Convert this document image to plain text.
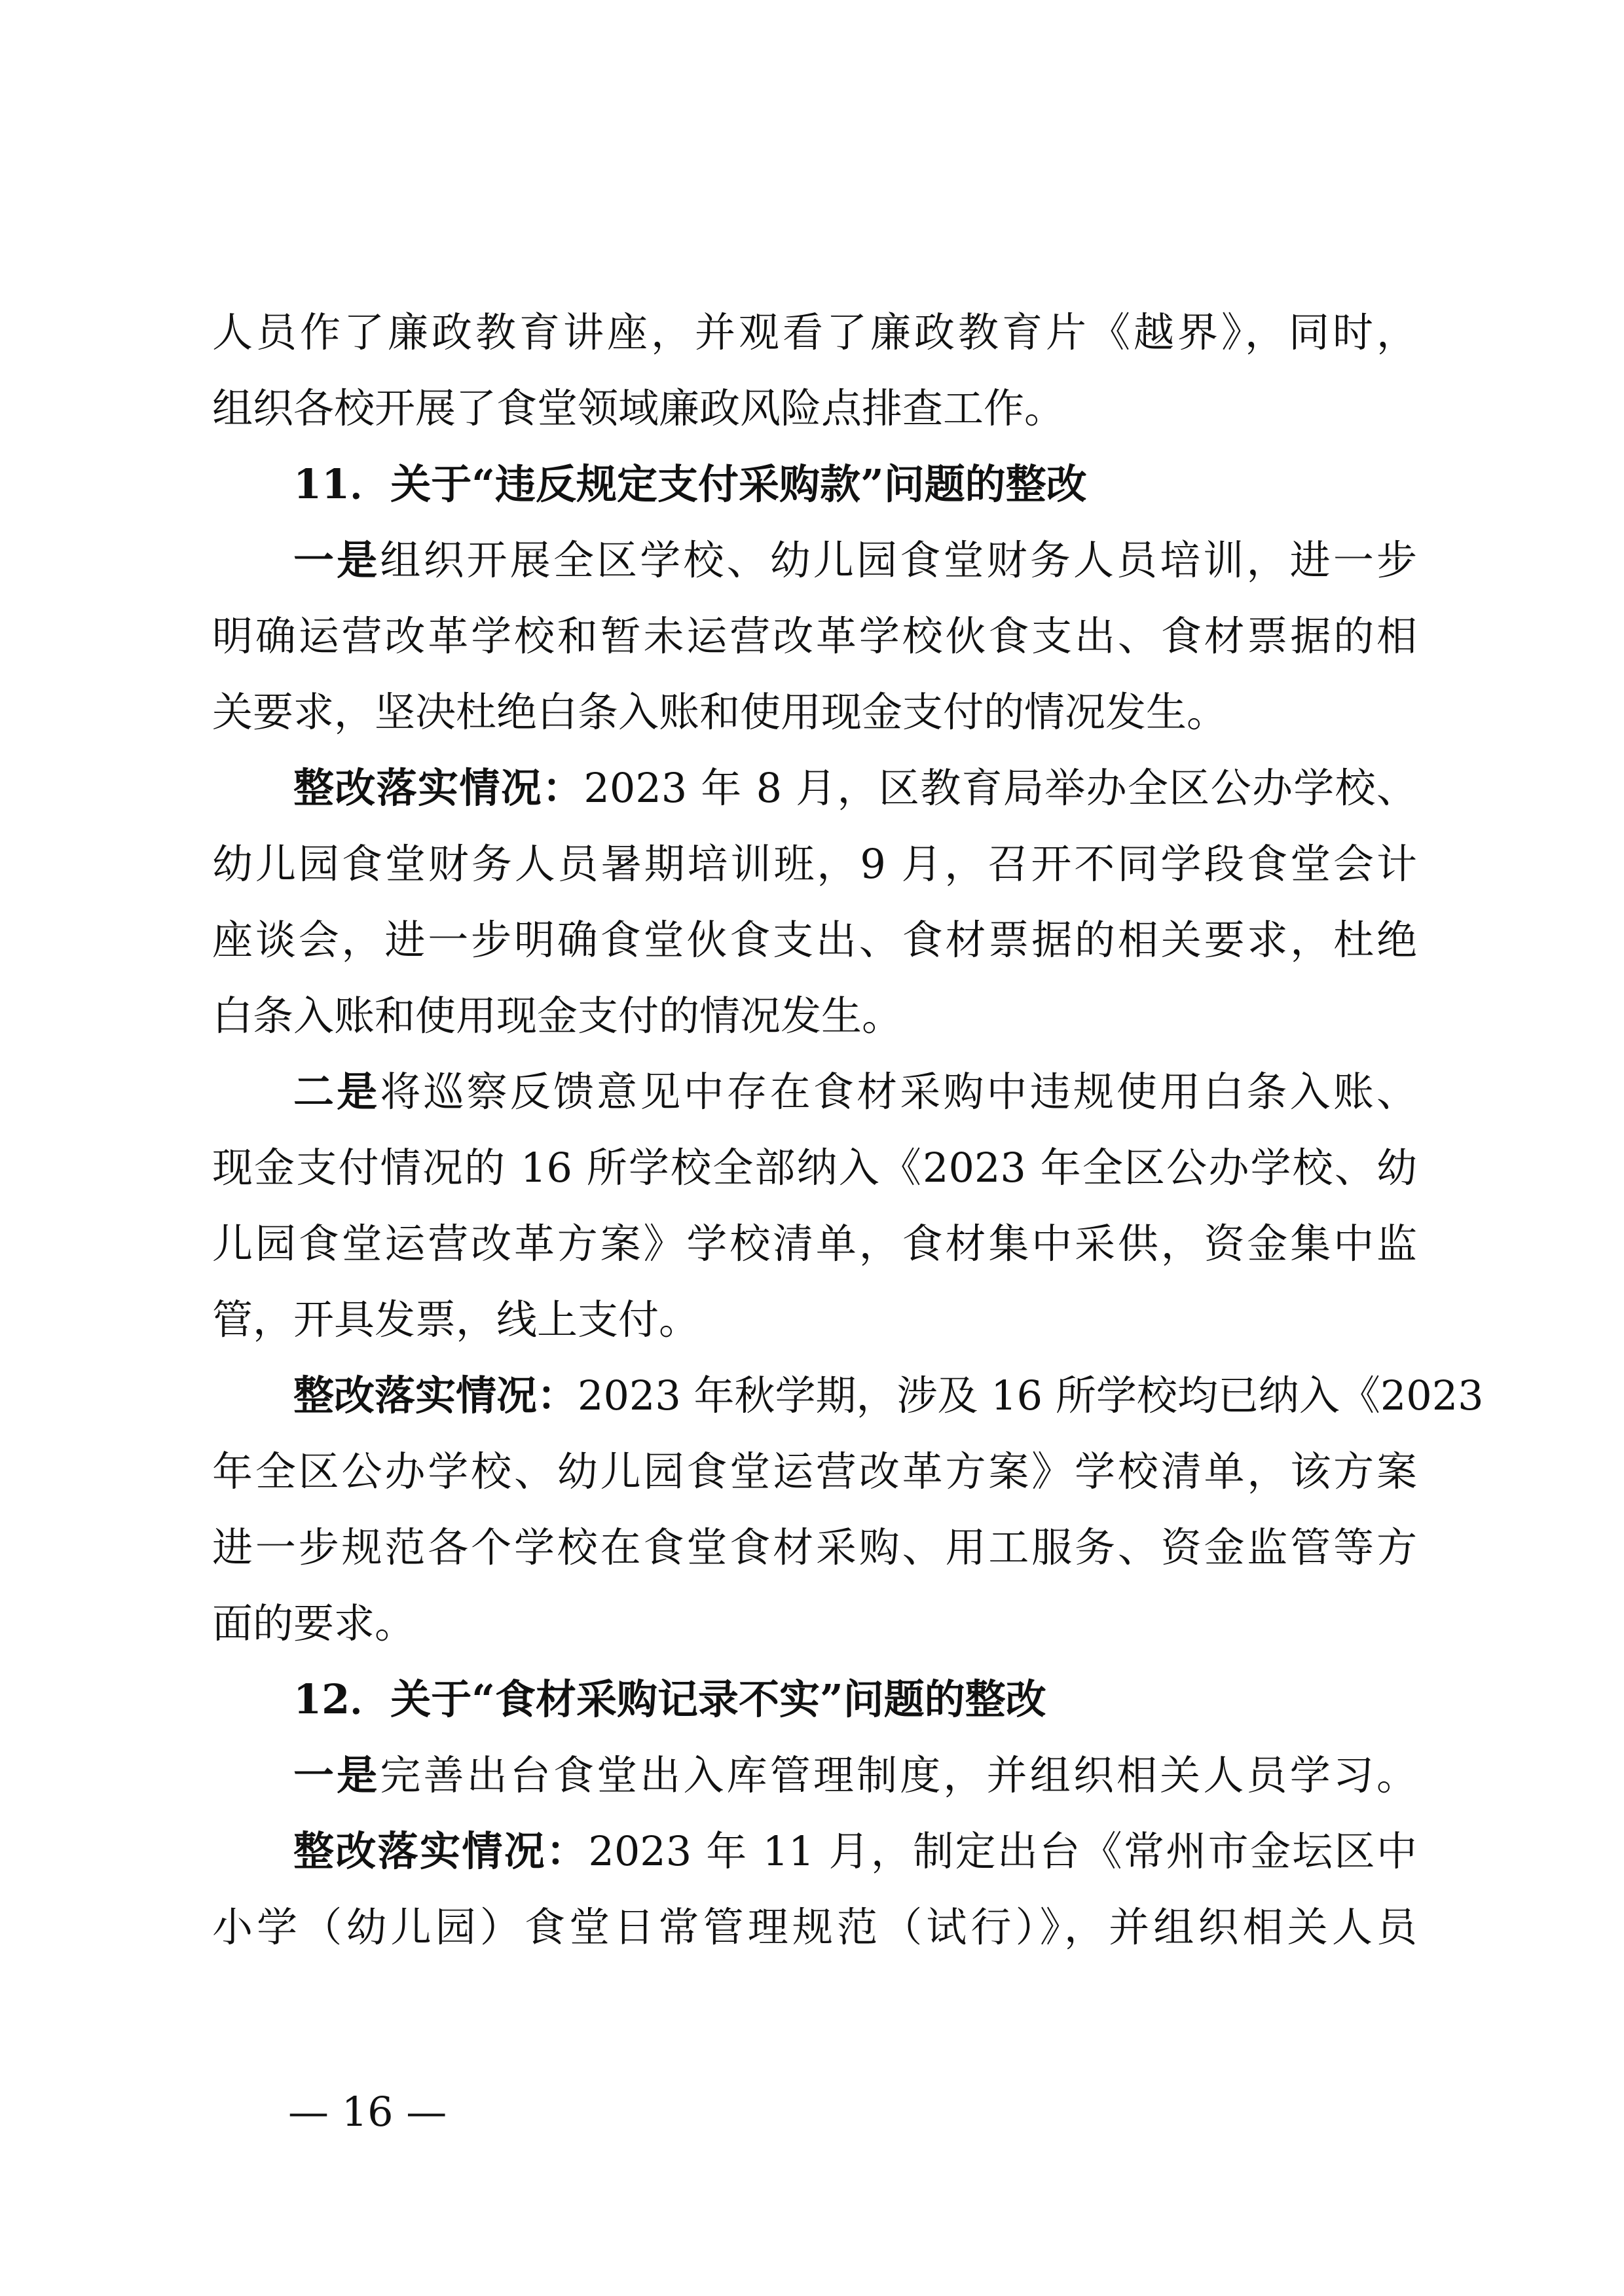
人员作了廉政教育讲座，并观看了廉政教育片《越界》，同时，
组织各校开展了食堂领域廉政风险点排查工作。
11．关于“违反规定支付采购款”问题的整改
一是组织开展全区学校、幼儿园食堂财务人员培训，进一步
明确运营改革学校和暂未运营改革学校伙食支出、食材票据的相
关要求，坚决杜绝白条入账和使用现金支付的情况发生。
整改落实情况：2023 年 8 月，区教育局举办全区公办学校、
幼儿园食堂财务人员暑期培训班，9 月，召开不同学段食堂会计
座谈会，进一步明确食堂伙食支出、食材票据的相关要求，杜绝
白条入账和使用现金支付的情况发生。
二是将巡察反馈意见中存在食材采购中违规使用白条入账、
现金支付情况的 16 所学校全部纳入《2023 年全区公办学校、幼
儿园食堂运营改革方案》学校清单，食材集中采供，资金集中监
管，开具发票，线上支付。
整改落实情况：2023 年秋学期，涉及 16 所学校均已纳入《2023
年全区公办学校、幼儿园食堂运营改革方案》学校清单，该方案
进一步规范各个学校在食堂食材采购、用工服务、资金监管等方
面的要求。
12．关于“食材采购记录不实”问题的整改
一是完善出台食堂出入库管理制度，并组织相关人员学习。
整改落实情况：2023 年 11 月，制定出台《常州市金坛区中
小学（幼儿园）食堂日常管理规范（试行）》，并组织相关人员
— 16 —
